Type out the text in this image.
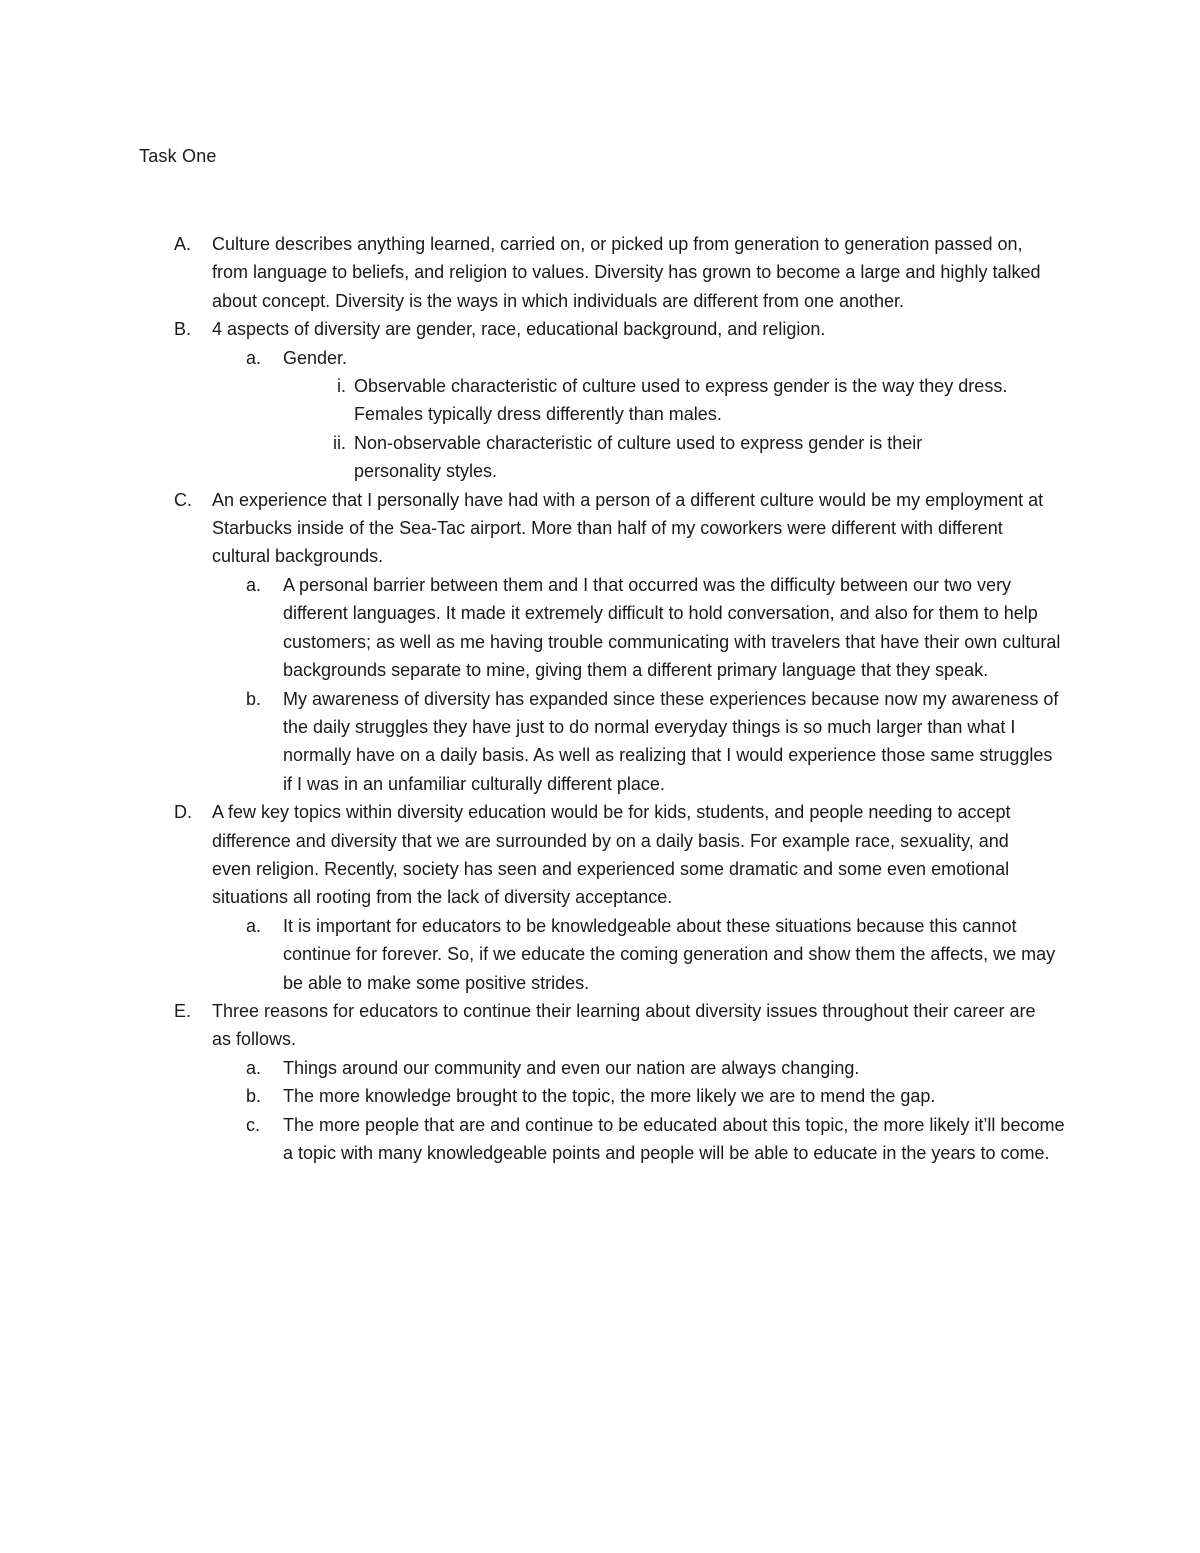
Task One
A. Culture describes anything learned, carried on, or picked up from generation to generation passed on, from language to beliefs, and religion to values. Diversity has grown to become a large and highly talked about concept. Diversity is the ways in which individuals are different from one another.
B. 4 aspects of diversity are gender, race, educational background, and religion.
a. Gender.
i. Observable characteristic of culture used to express gender is the way they dress. Females typically dress differently than males.
ii. Non-observable characteristic of culture used to express gender is their personality styles.
C. An experience that I personally have had with a person of a different culture would be my employment at Starbucks inside of the Sea-Tac airport. More than half of my coworkers were different with different cultural backgrounds.
a. A personal barrier between them and I that occurred was the difficulty between our two very different languages. It made it extremely difficult to hold conversation, and also for them to help customers; as well as me having trouble communicating with travelers that have their own cultural backgrounds separate to mine, giving them a different primary language that they speak.
b. My awareness of diversity has expanded since these experiences because now my awareness of the daily struggles they have just to do normal everyday things is so much larger than what I normally have on a daily basis. As well as realizing that I would experience those same struggles if I was in an unfamiliar culturally different place.
D. A few key topics within diversity education would be for kids, students, and people needing to accept difference and diversity that we are surrounded by on a daily basis. For example race, sexuality, and even religion. Recently, society has seen and experienced some dramatic and some even emotional situations all rooting from the lack of diversity acceptance.
a. It is important for educators to be knowledgeable about these situations because this cannot continue for forever. So, if we educate the coming generation and show them the affects, we may be able to make some positive strides.
E. Three reasons for educators to continue their learning about diversity issues throughout their career are as follows.
a. Things around our community and even our nation are always changing.
b. The more knowledge brought to the topic, the more likely we are to mend the gap.
c. The more people that are and continue to be educated about this topic, the more likely it’ll become a topic with many knowledgeable points and people will be able to educate in the years to come.
